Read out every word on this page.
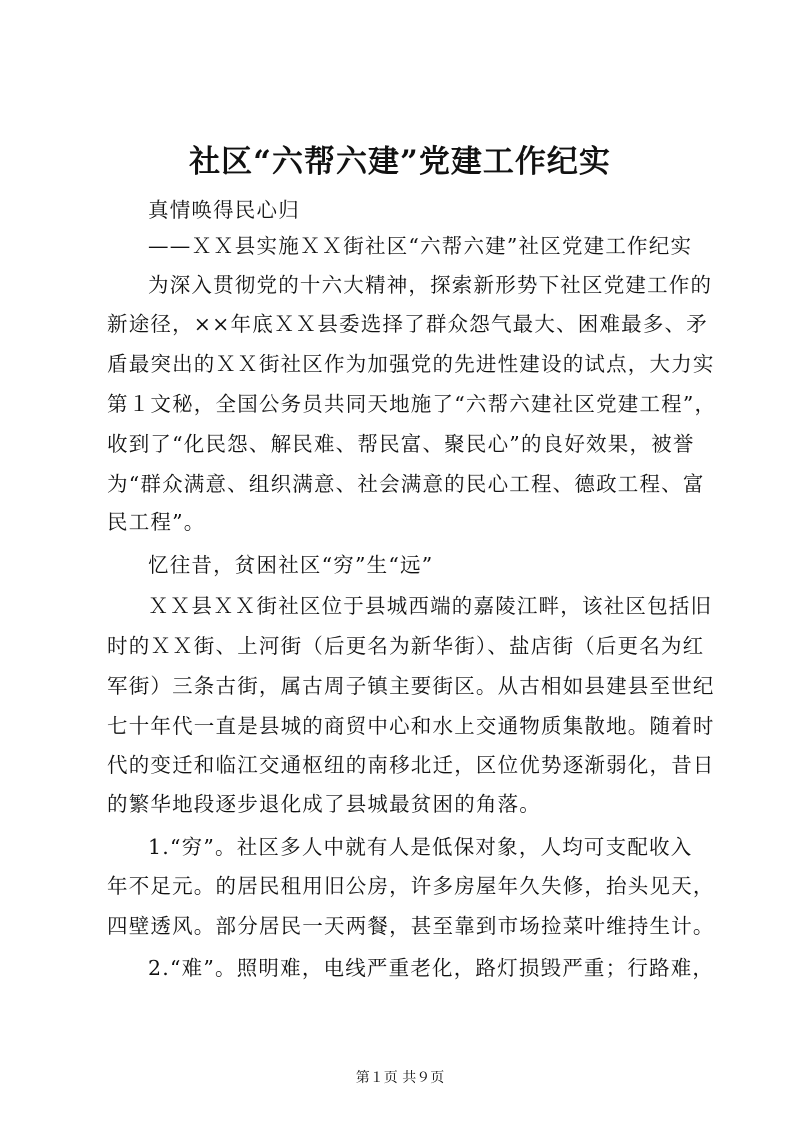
社区“六帮六建”党建工作纪实
真情唤得民心归
——ＸＸ县实施ＸＸ街社区“六帮六建”社区党建工作纪实
为深入贯彻党的十六大精神，探索新形势下社区党建工作的
新途径，××年底ＸＸ县委选择了群众怨气最大、困难最多、矛
盾最突出的ＸＸ街社区作为加强党的先进性建设的试点，大力实
第１文秘，全国公务员共同天地施了“六帮六建社区党建工程”，
收到了“化民怨、解民难、帮民富、聚民心”的良好效果，被誉
为“群众满意、组织满意、社会满意的民心工程、德政工程、富
民工程”。
忆往昔，贫困社区“穷”生“远”
ＸＸ县ＸＸ街社区位于县城西端的嘉陵江畔，该社区包括旧
时的ＸＸ街、上河街（后更名为新华街）、盐店街（后更名为红
军街）三条古街，属古周子镇主要街区。从古相如县建县至世纪
七十年代一直是县城的商贸中心和水上交通物质集散地。随着时
代的变迁和临江交通枢纽的南移北迁，区位优势逐渐弱化，昔日
的繁华地段逐步退化成了县城最贫困的角落。
1.“穷”。社区多人中就有人是低保对象，人均可支配收入
年不足元。的居民租用旧公房，许多房屋年久失修，抬头见天，
四壁透风。部分居民一天两餐，甚至靠到市场捡菜叶维持生计。
2.“难”。照明难，电线严重老化，路灯损毁严重；行路难，
第１页 共９页
